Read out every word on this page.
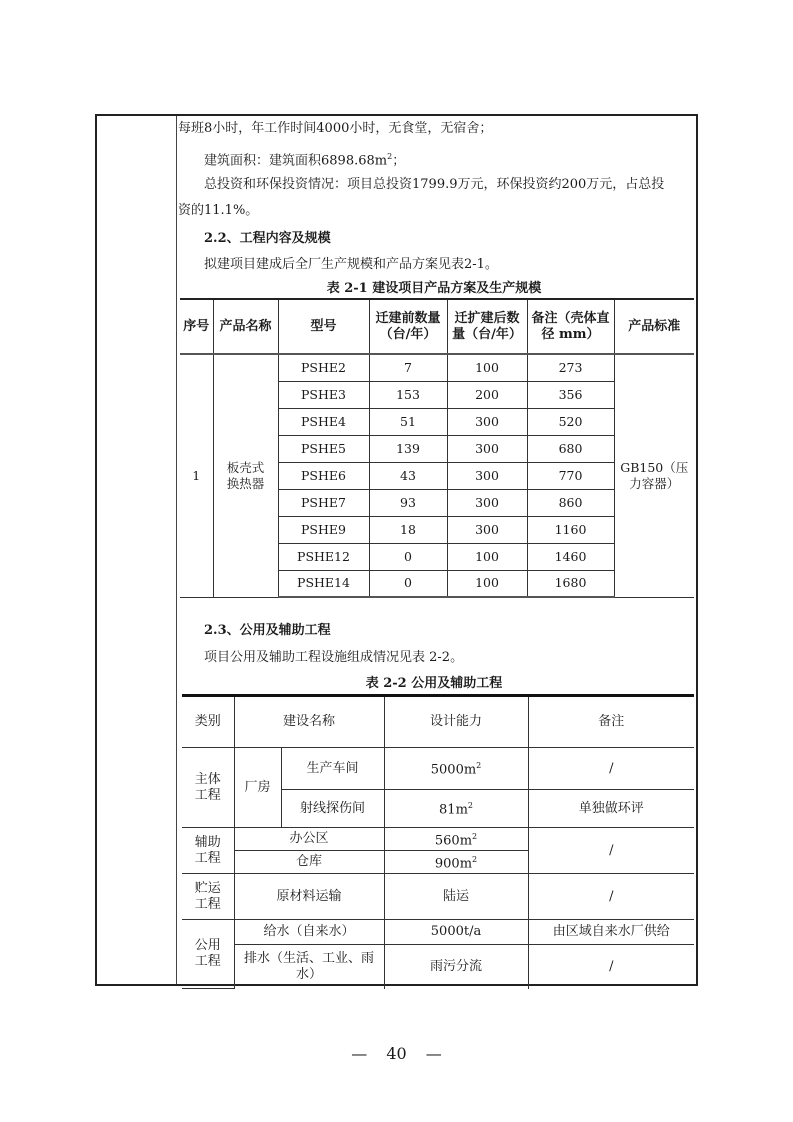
每班8小时，年工作时间4000小时，无食堂，无宿舍；
建筑面积：建筑面积$6898.68m^2$；
总投资和环保投资情况：项目总投资1799.9万元，环保投资约200万元，占总投
资的11.1%。
2.2、工程内容及规模
拟建项目建成后全厂生产规模和产品方案见表2-1。
表 2-1 建设项目产品方案及生产规模
序号	产品名称	型号	迁建前数量（台/年）	迁扩建后数量（台/年）	备注（壳体直径 mm）	产品标准
1	板壳式换热器	PSHE2	7	100	273	GB150（压力容器）
		PSHE3	153	200	356	
		PSHE4	51	300	520	
		PSHE5	139	300	680	
		PSHE6	43	300	770	
		PSHE7	93	300	860	
		PSHE9	18	300	1160	
		PSHE12	0	100	1460	
		PSHE14	0	100	1680	
2.3、公用及辅助工程
项目公用及辅助工程设施组成情况见表 2-2。
表 2-2 公用及辅助工程
类别	建设名称		设计能力	备注
主体工程	厂房	生产车间	$5000m^2$	/
		射线探伤间	$81m^2$	单独做环评
辅助工程	办公区		$560m^2$	/
	仓库		$900m^2$
贮运工程	原材料运输		陆运	/
公用工程	给水（自来水）		5000t/a	由区域自来水厂供给
	排水（生活、工业、雨水）		雨污分流	/
— 40 —
